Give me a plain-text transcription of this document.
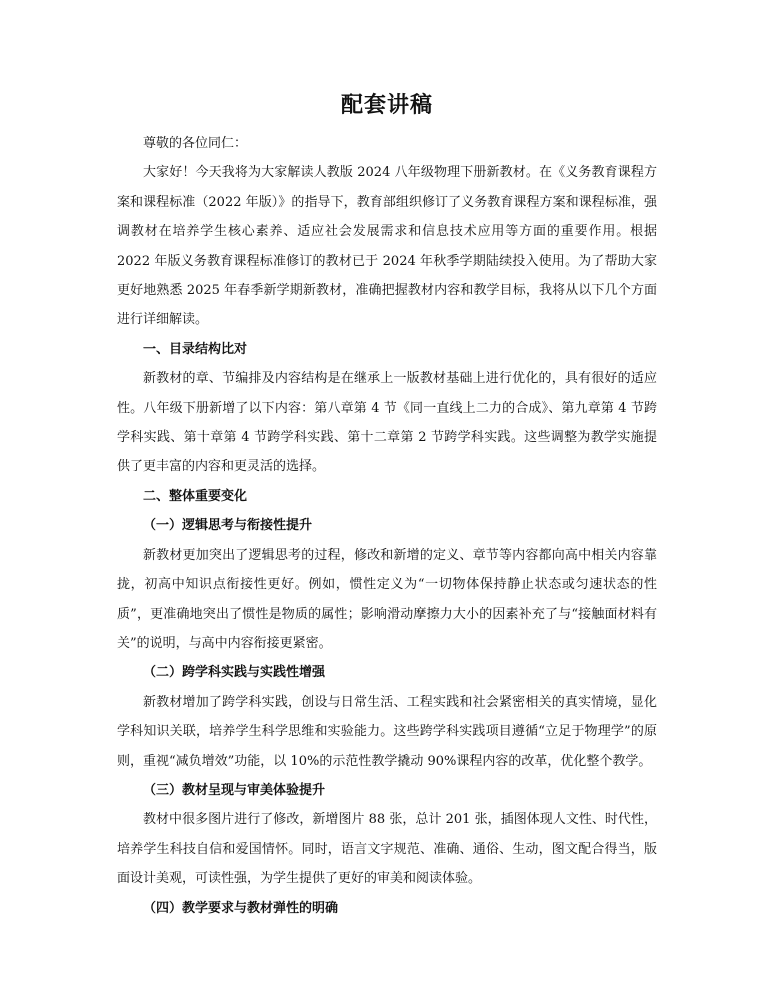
配套讲稿

尊敬的各位同仁：

大家好！今天我将为大家解读人教版 2024 八年级物理下册新教材。在《义务教育课程方案和课程标准（2022 年版）》的指导下，教育部组织修订了义务教育课程方案和课程标准，强调教材在培养学生核心素养、适应社会发展需求和信息技术应用等方面的重要作用。根据 2022 年版义务教育课程标准修订的教材已于 2024 年秋季学期陆续投入使用。为了帮助大家更好地熟悉 2025 年春季新学期新教材，准确把握教材内容和教学目标，我将从以下几个方面进行详细解读。

一、目录结构比对

新教材的章、节编排及内容结构是在继承上一版教材基础上进行优化的，具有很好的适应性。八年级下册新增了以下内容：第八章第 4 节《同一直线上二力的合成》、第九章第 4 节跨学科实践、第十章第 4 节跨学科实践、第十二章第 2 节跨学科实践。这些调整为教学实施提供了更丰富的内容和更灵活的选择。

二、整体重要变化

（一）逻辑思考与衔接性提升

新教材更加突出了逻辑思考的过程，修改和新增的定义、章节等内容都向高中相关内容靠拢，初高中知识点衔接性更好。例如，惯性定义为“一切物体保持静止状态或匀速状态的性质”，更准确地突出了惯性是物质的属性；影响滑动摩擦力大小的因素补充了与“接触面材料有关”的说明，与高中内容衔接更紧密。

（二）跨学科实践与实践性增强

新教材增加了跨学科实践，创设与日常生活、工程实践和社会紧密相关的真实情境，显化学科知识关联，培养学生科学思维和实验能力。这些跨学科实践项目遵循“立足于物理学”的原则，重视“减负增效”功能，以 10%的示范性教学撬动 90%课程内容的改革，优化整个教学。

（三）教材呈现与审美体验提升

教材中很多图片进行了修改，新增图片 88 张，总计 201 张，插图体现人文性、时代性，培养学生科技自信和爱国情怀。同时，语言文字规范、准确、通俗、生动，图文配合得当，版面设计美观，可读性强，为学生提供了更好的审美和阅读体验。

（四）教学要求与教材弹性的明确
